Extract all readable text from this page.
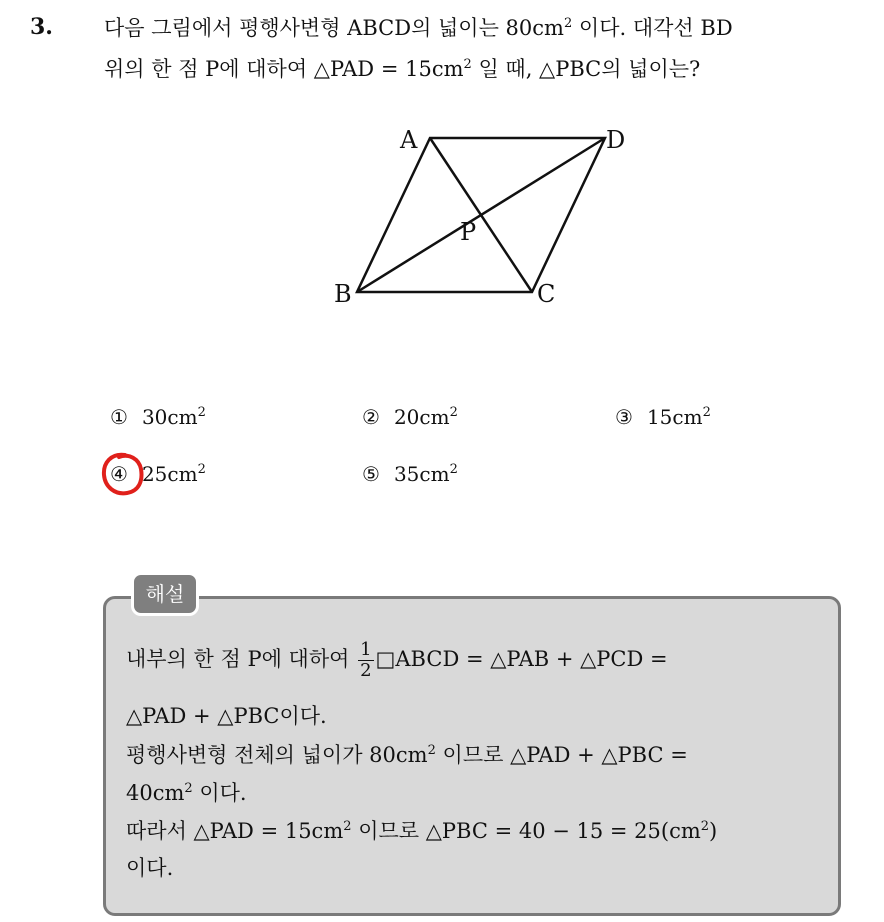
3. 다음 그림에서 평행사변형 ABCD의 넓이는 $80cm^2$ 이다. 대각선 BD
위의 한 점 P에 대하여 △PAD = $15cm^2$ 일 때, △PBC의 넓이는?
A	D
B	C
P
① $30cm^2$	② $20cm^2$	③ $15cm^2$
④ $25cm^2$	⑤ $35cm^2$
해설
내부의 한 점 P에 대하여 $\frac{1}{2}$ □ABCD = △PAB + △PCD =
△PAD + △PBC이다.
평행사변형 전체의 넓이가 $80cm^2$ 이므로 △PAD + △PBC =
$40cm^2$ 이다.
따라서 △PAD = $15cm^2$ 이므로 △PBC = $40 - 15 = 25(cm^2)$
이다.
